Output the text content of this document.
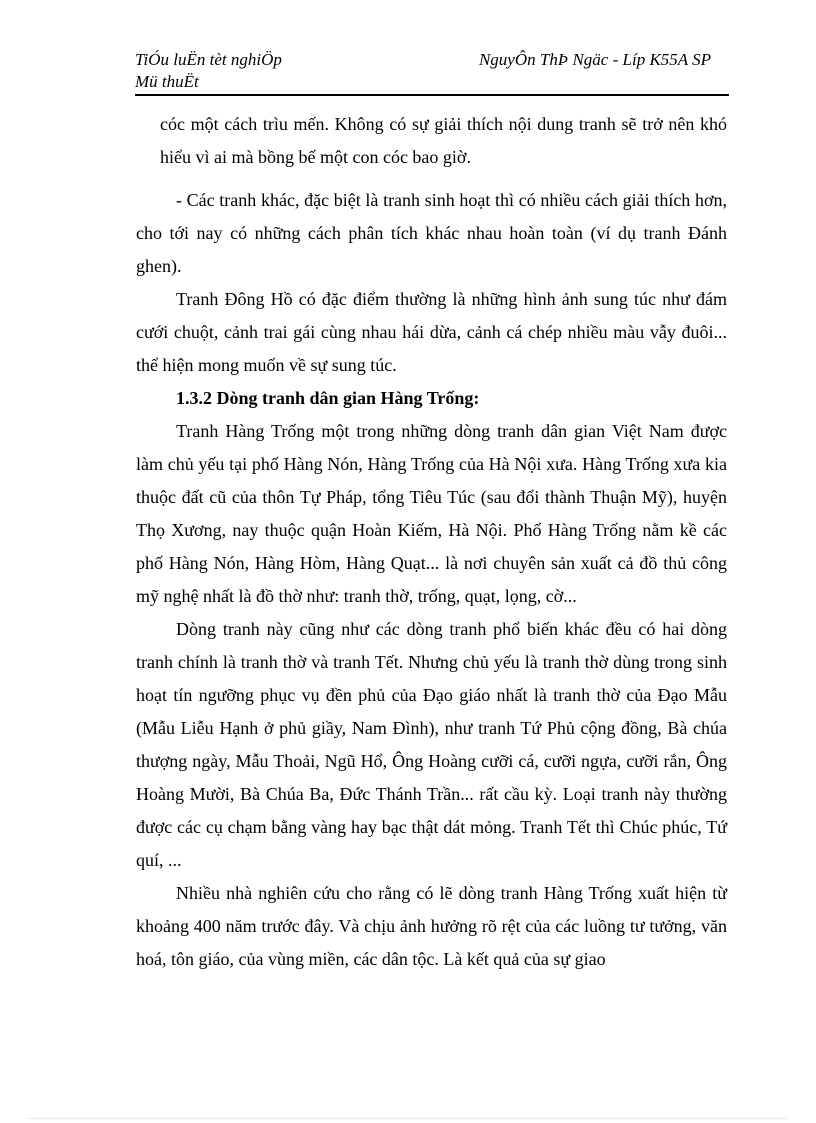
TiÓu luËn tèt nghiÖp
Mü thuËt
NguyÔn ThÞ Ngäc - Líp K55A SP

cóc một cách trìu mến. Không có sự giải thích nội dung tranh sẽ trở nên khó hiểu vì ai mà bồng bế một con cóc bao giờ.

- Các tranh khác, đặc biệt là tranh sinh hoạt thì có nhiều cách giải thích hơn, cho tới nay có những cách phân tích khác nhau hoàn toàn (ví dụ tranh Đánh ghen).

Tranh Đông Hồ có đặc điểm thường là những hình ảnh sung túc như đám cưới chuột, cảnh trai gái cùng nhau hái dừa, cảnh cá chép nhiều màu vẫy đuôi... thể hiện mong muốn về sự sung túc.

1.3.2 Dòng tranh dân gian Hàng Trống:

Tranh Hàng Trống một trong những dòng tranh dân gian Việt Nam được làm chủ yếu tại phố Hàng Nón, Hàng Trống của Hà Nội xưa. Hàng Trống xưa kia thuộc đất cũ của thôn Tự Pháp, tổng Tiêu Túc (sau đổi thành Thuận Mỹ), huyện Thọ Xương, nay thuộc quận Hoàn Kiếm, Hà Nội. Phố Hàng Trống nằm kề các phố Hàng Nón, Hàng Hòm, Hàng Quạt... là nơi chuyên sản xuất cả đồ thủ công mỹ nghệ nhất là đồ thờ như: tranh thờ, trống, quạt, lọng, cờ...

Dòng tranh này cũng như các dòng tranh phổ biến khác đều có hai dòng tranh chính là tranh thờ và tranh Tết. Nhưng chủ yếu là tranh thờ dùng trong sinh hoạt tín ngưỡng phục vụ đền phủ của Đạo giáo nhất là tranh thờ của Đạo Mẫu (Mẫu Liễu Hạnh ở phủ giầy, Nam Đình), như tranh Tứ Phủ cộng đồng, Bà chúa thượng ngày, Mẫu Thoải, Ngũ Hổ, Ông Hoàng cưỡi cá, cưỡi ngựa, cưỡi rắn, Ông Hoàng Mười, Bà Chúa Ba, Đức Thánh Trần... rất cầu kỳ. Loại tranh này thường được các cụ chạm bằng vàng hay bạc thật dát mỏng. Tranh Tết thì Chúc phúc, Tứ quí, ...

Nhiều nhà nghiên cứu cho rằng có lẽ dòng tranh Hàng Trống xuất hiện từ khoảng 400 năm trước đây. Và chịu ảnh hưởng rõ rệt của các luồng tư tưởng, văn hoá, tôn giáo, của vùng miền, các dân tộc. Là kết quả của sự giao
